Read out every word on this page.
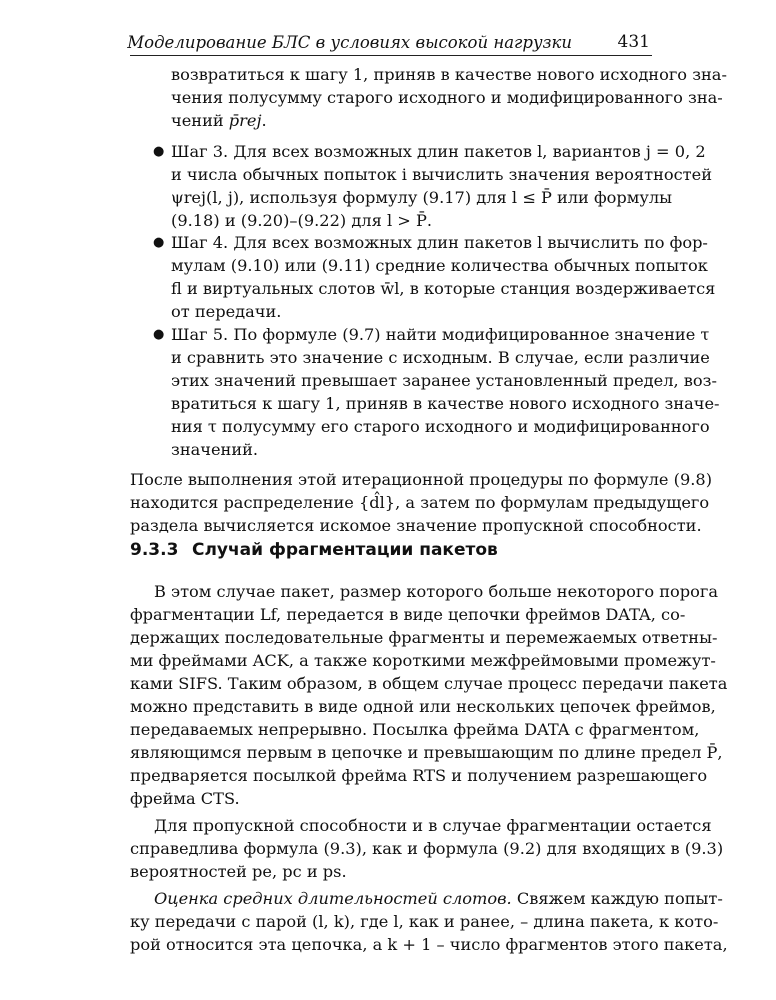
Моделирование БЛС в условиях высокой нагрузки	431
возвратиться к шагу 1, приняв в качестве нового исходного зна-
чения полусумму старого исходного и модифицированного зна-
чений p̄rej.
● Шаг 3. Для всех возможных длин пакетов l, вариантов j = 0, 2
и числа обычных попыток i вычислить значения вероятностей
ψrej(l, j), используя формулу (9.17) для l ≤ P̄ или формулы
(9.18) и (9.20)–(9.22) для l > P̄.
● Шаг 4. Для всех возможных длин пакетов l вычислить по фор-
мулам (9.10) или (9.11) средние количества обычных попыток
fl и виртуальных слотов w̄l, в которые станция воздерживается
от передачи.
● Шаг 5. По формуле (9.7) найти модифицированное значение τ
и сравнить это значение с исходным. В случае, если различие
этих значений превышает заранее установленный предел, воз-
вратиться к шагу 1, приняв в качестве нового исходного значе-
ния τ полусумму его старого исходного и модифицированного
значений.
После выполнения этой итерационной процедуры по формуле (9.8)
находится распределение {d̂l}, а затем по формулам предыдущего
раздела вычисляется искомое значение пропускной способности.
9.3.3 Случай фрагментации пакетов
В этом случае пакет, размер которого больше некоторого порога
фрагментации Lf, передается в виде цепочки фреймов DATA, со-
держащих последовательные фрагменты и перемежаемых ответны-
ми фреймами ACK, а также короткими межфреймовыми промежут-
ками SIFS. Таким образом, в общем случае процесс передачи пакета
можно представить в виде одной или нескольких цепочек фреймов,
передаваемых непрерывно. Посылка фрейма DATA с фрагментом,
являющимся первым в цепочке и превышающим по длине предел P̄,
предваряется посылкой фрейма RTS и получением разрешающего
фрейма CTS.
Для пропускной способности и в случае фрагментации остается
справедлива формула (9.3), как и формула (9.2) для входящих в (9.3)
вероятностей pe, pc и ps.
Оценка средних длительностей слотов. Свяжем каждую попыт-
ку передачи с парой (l, k), где l, как и ранее, – длина пакета, к кото-
рой относится эта цепочка, а k + 1 – число фрагментов этого пакета,
